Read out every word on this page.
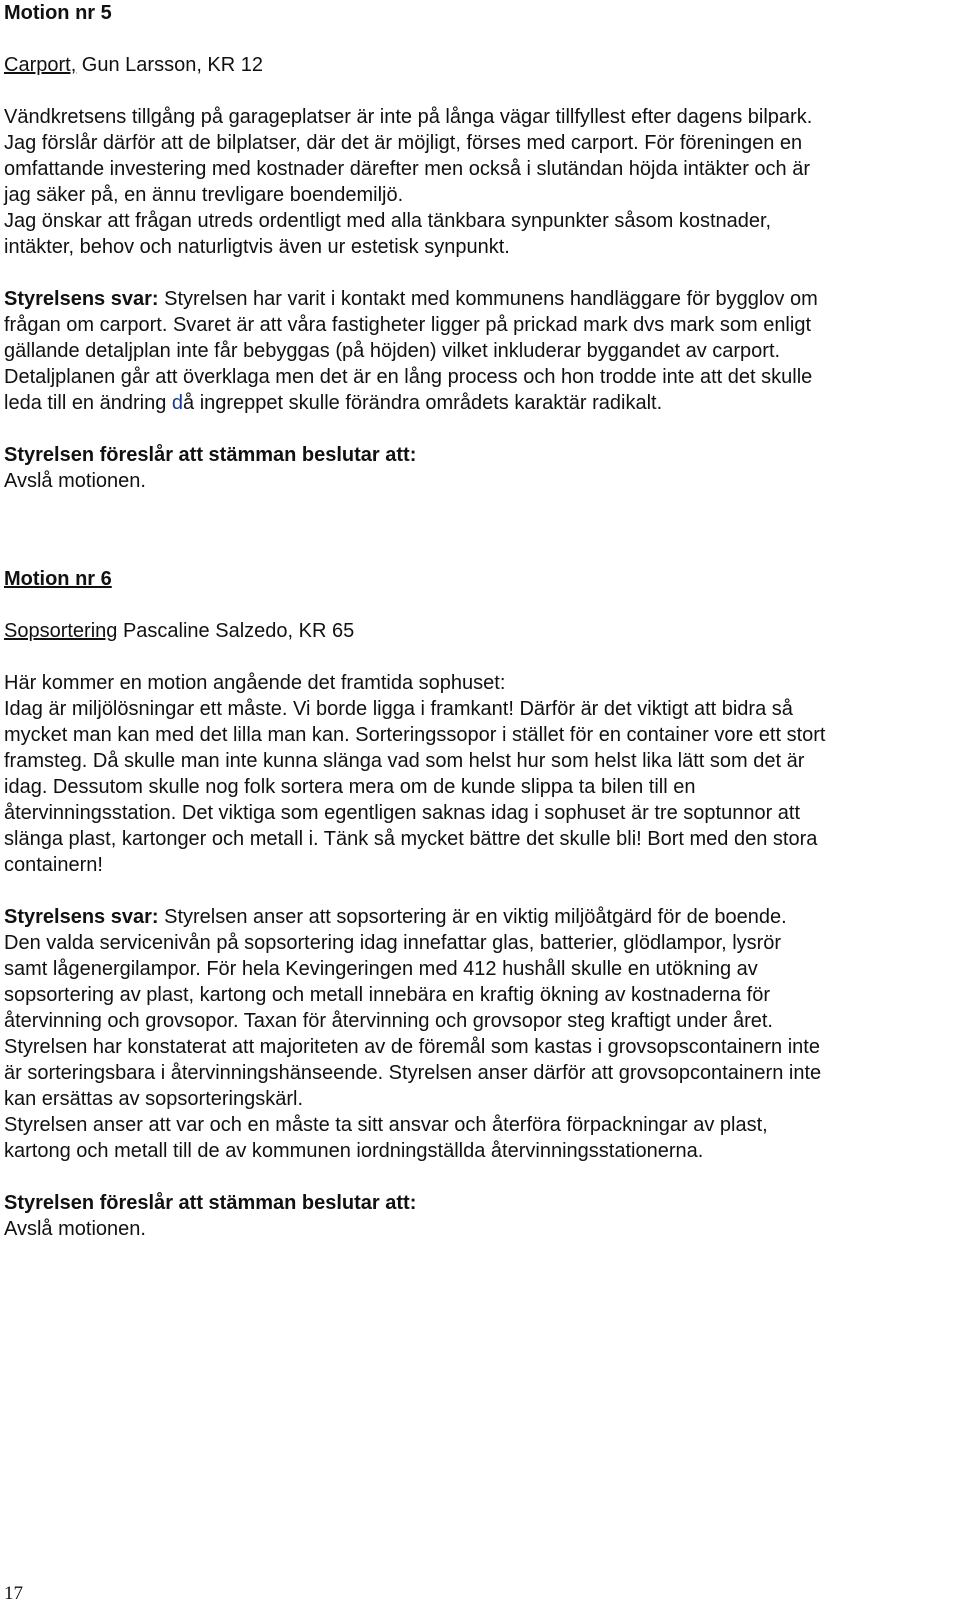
Motion nr 5

Carport, Gun Larsson, KR 12

Vändkretsens tillgång på garageplatser är inte på långa vägar tillfyllest efter dagens bilpark.

Jag förslår därför att de bilplatser, där det är möjligt, förses med carport. För föreningen en

omfattande investering med kostnader därefter men också i slutändan höjda intäkter och är

jag säker på, en ännu trevligare boendemiljö.

Jag önskar att frågan utreds ordentligt med alla tänkbara synpunkter såsom kostnader,

intäkter, behov och naturligtvis även ur estetisk synpunkt.

Styrelsens svar: Styrelsen har varit i kontakt med kommunens handläggare för bygglov om

frågan om carport. Svaret är att våra fastigheter ligger på prickad mark dvs mark som enligt

gällande detaljplan inte får bebyggas (på höjden) vilket inkluderar byggandet av carport.

Detaljplanen går att överklaga men det är en lång process och hon trodde inte att det skulle

leda till en ändring då ingreppet skulle förändra områdets karaktär radikalt.

Styrelsen föreslår att stämman beslutar att:

Avslå motionen.

Motion nr 6

Sopsortering Pascaline Salzedo, KR 65

Här kommer en motion angående det framtida sophuset:

Idag är miljölösningar ett måste. Vi borde ligga i framkant! Därför är det viktigt att bidra så

mycket man kan med det lilla man kan. Sorteringssopor i stället för en container vore ett stort

framsteg. Då skulle man inte kunna slänga vad som helst hur som helst lika lätt som det är

idag. Dessutom skulle nog folk sortera mera om de kunde slippa ta bilen till en

återvinningsstation. Det viktiga som egentligen saknas idag i sophuset är tre soptunnor att

slänga plast, kartonger och metall i. Tänk så mycket bättre det skulle bli! Bort med den stora

containern!

Styrelsens svar: Styrelsen anser att sopsortering är en viktig miljöåtgärd för de boende.

Den valda servicenivån på sopsortering idag innefattar glas, batterier, glödlampor, lysrör

samt lågenergilampor. För hela Kevingeringen med 412 hushåll skulle en utökning av

sopsortering av plast, kartong och metall innebära en kraftig ökning av kostnaderna för

återvinning och grovsopor. Taxan för återvinning och grovsopor steg kraftigt under året.

Styrelsen har konstaterat att majoriteten av de föremål som kastas i grovsopscontainern inte

är sorteringsbara i återvinningshänseende. Styrelsen anser därför att grovsopcontainern inte

kan ersättas av sopsorteringskärl.

Styrelsen anser att var och en måste ta sitt ansvar och återföra förpackningar av plast,

kartong och metall till de av kommunen iordningställda återvinningsstationerna.

Styrelsen föreslår att stämman beslutar att:

Avslå motionen.

17
